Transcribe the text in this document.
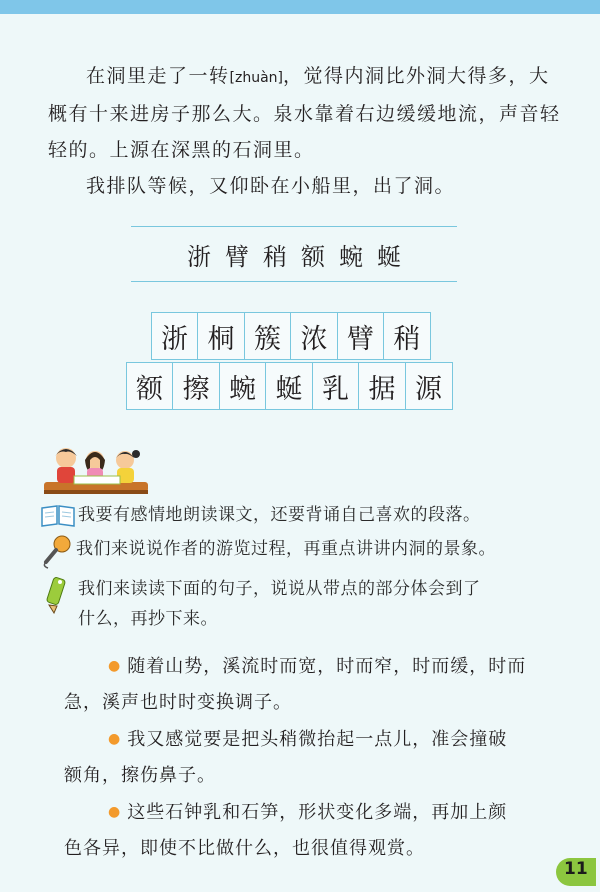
在洞里走了一转[zhuàn]，觉得内洞比外洞大得多，大概有十来进房子那么大。泉水靠着右边缓缓地流，声音轻轻的。上源在深黑的石洞里。

我排队等候，又仰卧在小船里，出了洞。

浙 臂 稍 额 蜿 蜒
浙 桐 簇 浓 臂 稍
额 擦 蜿 蜒 乳 据 源
我要有感情地朗读课文，还要背诵自己喜欢的段落。
我们来说说作者的游览过程，再重点讲讲内洞的景象。
我们来读读下面的句子，说说从带点的部分体会到了
什么，再抄下来。

● 随着山势，溪流时而宽，时而窄，时而缓，时而

急，溪声也时时变换调子。

● 我又感觉要是把头稍微抬起一点儿，准会撞破

额角，擦伤鼻子。

● 这些石钟乳和石笋，形状变化多端，再加上颜

色各异，即使不比做什么，也很值得观赏。

11
